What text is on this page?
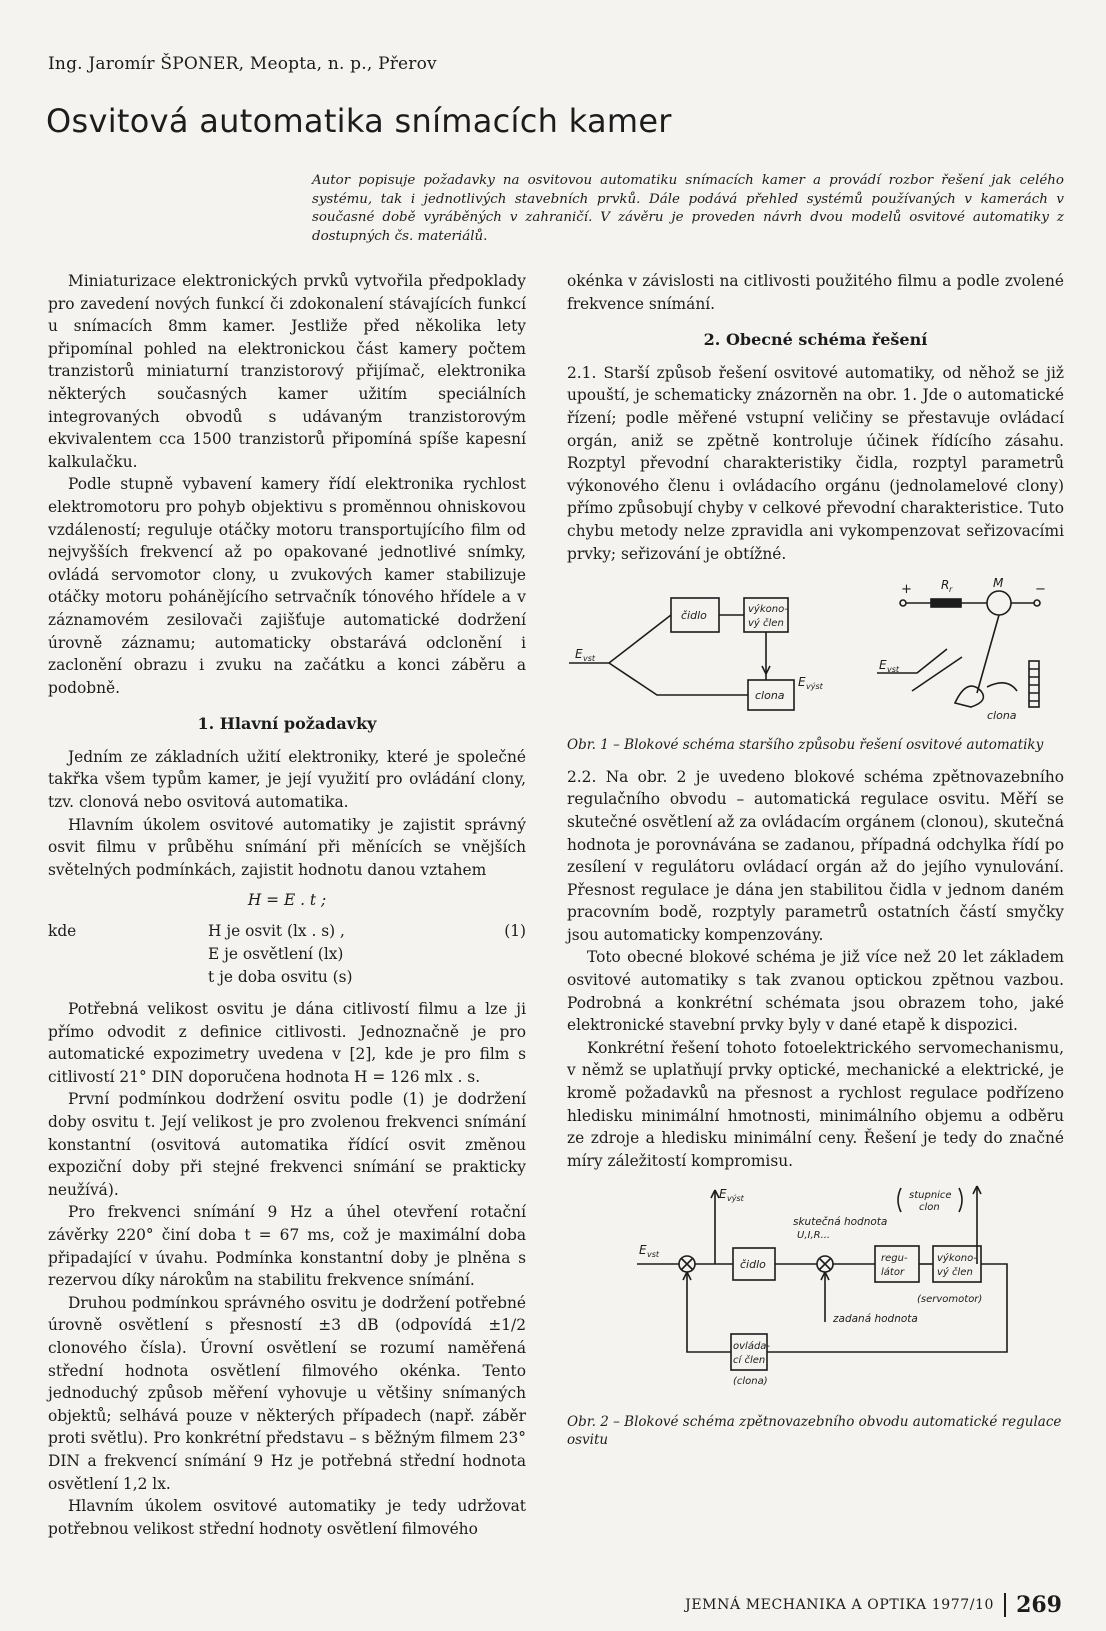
Ing. Jaromír ŠPONER, Meopta, n. p., Přerov
Osvitová automatika snímacích kamer
Autor popisuje požadavky na osvitovou automatiku snímacích kamer a provádí rozbor řešení jak celého systému, tak i jednotlivých stavebních prvků. Dále podává přehled systémů používaných v kamerách v současné době vyráběných v zahraničí. V závěru je proveden návrh dvou modelů osvitové automatiky z dostupných čs. materiálů.

Miniaturizace elektronických prvků vytvořila předpoklady pro zavedení nových funkcí či zdokonalení stávajících funkcí u snímacích 8mm kamer. Jestliže před několika lety připomínal pohled na elektronickou část kamery počtem tranzistorů miniaturní tranzistorový přijímač, elektronika některých současných kamer užitím speciálních integrovaných obvodů s udávaným tranzistorovým ekvivalentem cca 1500 tranzistorů připomíná spíše kapesní kalkulačku.

Podle stupně vybavení kamery řídí elektronika rychlost elektromotoru pro pohyb objektivu s proměnnou ohniskovou vzdáleností; reguluje otáčky motoru transportujícího film od nejvyšších frekvencí až po opakované jednotlivé snímky, ovládá servomotor clony, u zvukových kamer stabilizuje otáčky motoru pohánějícího setrvačník tónového hřídele a v záznamovém zesilovači zajišťuje automatické dodržení úrovně záznamu; automaticky obstarává odclonění i zaclonění obrazu i zvuku na začátku a konci záběru a podobně.

1. Hlavní požadavky

Jedním ze základních užití elektroniky, které je společné takřka všem typům kamer, je její využití pro ovládání clony, tzv. clonová nebo osvitová automatika.

Hlavním úkolem osvitové automatiky je zajistit správný osvit filmu v průběhu snímání při měnících se vnějších světelných podmínkách, zajistit hodnotu danou vztahem

H = E . t ;
kde	H je osvit (lx . s) ,
E je osvětlení (lx)
t je doba osvitu (s)
(1)

Potřebná velikost osvitu je dána citlivostí filmu a lze ji přímo odvodit z definice citlivosti. Jednoznačně je pro automatické expozimetry uvedena v [2], kde je pro film s citlivostí 21° DIN doporučena hodnota H = 126 mlx . s.

První podmínkou dodržení osvitu podle (1) je dodržení doby osvitu t. Její velikost je pro zvolenou frekvenci snímání konstantní (osvitová automatika řídící osvit změnou expoziční doby při stejné frekvenci snímání se prakticky neužívá).

Pro frekvenci snímání 9 Hz a úhel otevření rotační závěrky 220° činí doba t = 67 ms, což je maximální doba připadající v úvahu. Podmínka konstantní doby je plněna s rezervou díky nárokům na stabilitu frekvence snímání.

Druhou podmínkou správného osvitu je dodržení potřebné úrovně osvětlení s přesností ±3 dB (odpovídá ±1/2 clonového čísla). Úrovní osvětlení se rozumí naměřená střední hodnota osvětlení filmového okénka. Tento jednoduchý způsob měření vyhovuje u většiny snímaných objektů; selhává pouze v některých případech (např. záběr proti světlu). Pro konkrétní představu – s běžným filmem 23° DIN a frekvencí snímání 9 Hz je potřebná střední hodnota osvětlení 1,2 lx.

Hlavním úkolem osvitové automatiky je tedy udržovat potřebnou velikost střední hodnoty osvětlení filmového

okénka v závislosti na citlivosti použitého filmu a podle zvolené frekvence snímání.

2. Obecné schéma řešení

2.1. Starší způsob řešení osvitové automatiky, od něhož se již upouští, je schematicky znázorněn na obr. 1. Jde o automatické řízení; podle měřené vstupní veličiny se přestavuje ovládací orgán, aniž se zpětně kontroluje účinek řídícího zásahu. Rozptyl převodní charakteristiky čidla, rozptyl parametrů výkonového členu i ovládacího orgánu (jednolamelové clony) přímo způsobují chyby v celkové převodní charakteristice. Tuto chybu metody nelze zpravidla ani vykompenzovat seřizovacími prvky; seřizování je obtížné.

čidlo	výkono-
vý člen
clona
E vst
E výst
+	−
R r	M
clona
E vst
Obr. 1 – Blokové schéma staršího způsobu řešení osvitové automatiky

2.2. Na obr. 2 je uvedeno blokové schéma zpětnovazebního regulačního obvodu – automatická regulace osvitu. Měří se skutečné osvětlení až za ovládacím orgánem (clonou), skutečná hodnota je porovnávána se zadanou, případná odchylka řídí po zesílení v regulátoru ovládací orgán až do jejího vynulování. Přesnost regulace je dána jen stabilitou čidla v jednom daném pracovním bodě, rozptyly parametrů ostatních částí smyčky jsou automaticky kompenzovány.

Toto obecné blokové schéma je již více než 20 let základem osvitové automatiky s tak zvanou optickou zpětnou vazbou. Podrobná a konkrétní schémata jsou obrazem toho, jaké elektronické stavební prvky byly v dané etapě k dispozici.

Konkrétní řešení tohoto fotoelektrického servomechanismu, v němž se uplatňují prvky optické, mechanické a elektrické, je kromě požadavků na přesnost a rychlost regulace podřízeno hledisku minimální hmotnosti, minimálního objemu a odběru ze zdroje a hledisku minimální ceny. Řešení je tedy do značné míry záležitostí kompromisu.

E výst	stupnice
clon
skutečná hodnota
U,I,R...
E vst
čidlo	regu-
látor
výkono-
vý člen
(servomotor)
zadaná hodnota
ovláda-
cí člen
(clona)
Obr. 2 – Blokové schéma zpětnovazebního obvodu automatické regulace osvitu
JEMNÁ MECHANIKA A OPTIKA 1977/10 269
